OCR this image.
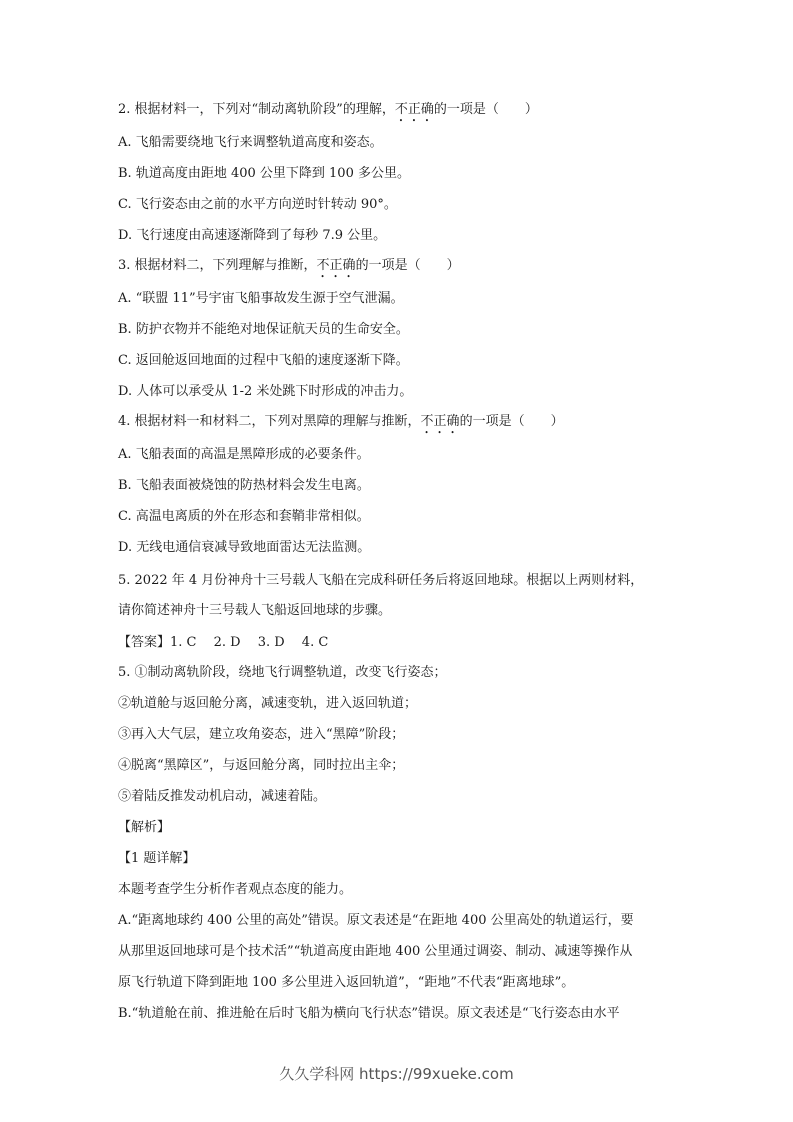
2. 根据材料一，下列对“制动离轨阶段”的理解，不正确的一项是（　　）
A. 飞船需要绕地飞行来调整轨道高度和姿态。
B. 轨道高度由距地 400 公里下降到 100 多公里。
C. 飞行姿态由之前的水平方向逆时针转动 90°。
D. 飞行速度由高速逐渐降到了每秒 7.9 公里。
3. 根据材料二，下列理解与推断，不正确的一项是（　　）
A. “联盟 11”号宇宙飞船事故发生源于空气泄漏。
B. 防护衣物并不能绝对地保证航天员的生命安全。
C. 返回舱返回地面的过程中飞船的速度逐渐下降。
D. 人体可以承受从 1-2 米处跳下时形成的冲击力。
4. 根据材料一和材料二，下列对黑障的理解与推断，不正确的一项是（　　）
A. 飞船表面的高温是黑障形成的必要条件。
B. 飞船表面被烧蚀的防热材料会发生电离。
C. 高温电离质的外在形态和套鞘非常相似。
D. 无线电通信衰减导致地面雷达无法监测。
5. 2022 年 4 月份神舟十三号载人飞船在完成科研任务后将返回地球。根据以上两则材料，
请你简述神舟十三号载人飞船返回地球的步骤。
【答案】1. C　 2. D　 3. D　 4. C
5. ①制动离轨阶段，绕地飞行调整轨道，改变飞行姿态；
②轨道舱与返回舱分离，减速变轨，进入返回轨道；
③再入大气层，建立攻角姿态，进入“黑障”阶段；
④脱离“黑障区”，与返回舱分离，同时拉出主伞；
⑤着陆反推发动机启动，减速着陆。
【解析】
【1 题详解】
本题考查学生分析作者观点态度的能力。
A.“距离地球约 400 公里的高处”错误。原文表述是“在距地 400 公里高处的轨道运行，要
从那里返回地球可是个技术活”“轨道高度由距地 400 公里通过调姿、制动、减速等操作从
原飞行轨道下降到距地 100 多公里进入返回轨道”，“距地”不代表“距离地球”。
B.“轨道舱在前、推进舱在后时飞船为横向飞行状态”错误。原文表述是“飞行姿态由水平
久久学科网 https://99xueke.com
